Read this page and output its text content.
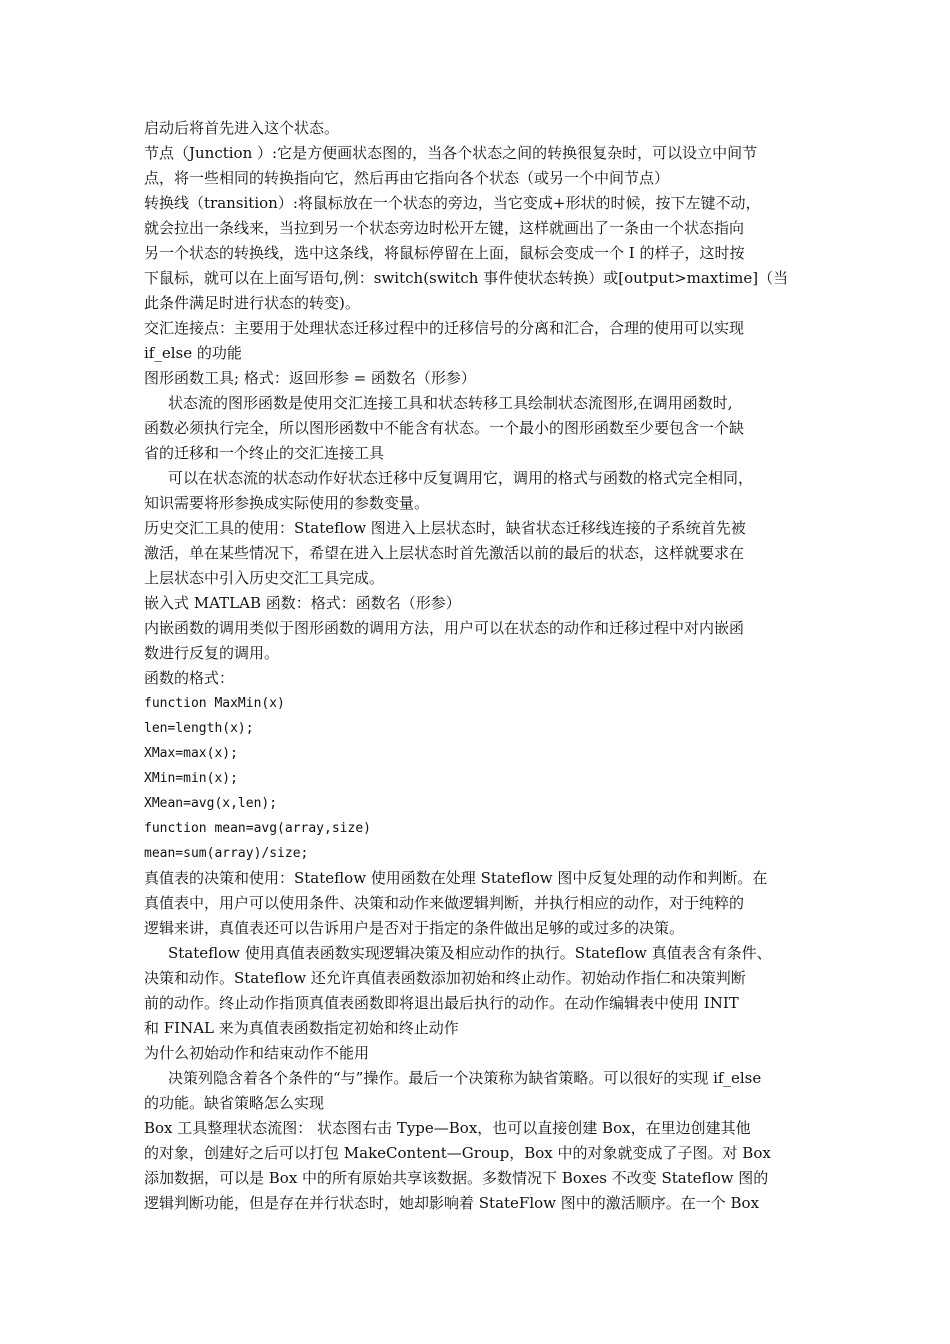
启动后将首先进入这个状态。
节点（Junction ）:它是方便画状态图的，当各个状态之间的转换很复杂时，可以设立中间节
点，将一些相同的转换指向它，然后再由它指向各个状态（或另一个中间节点）
转换线（transition）:将鼠标放在一个状态的旁边，当它变成+形状的时候，按下左键不动，
就会拉出一条线来，当拉到另一个状态旁边时松开左键，这样就画出了一条由一个状态指向
另一个状态的转换线，选中这条线，将鼠标停留在上面，鼠标会变成一个 I 的样子，这时按
下鼠标，就可以在上面写语句,例：switch(switch 事件使状态转换）或[output>maxtime]（当
此条件满足时进行状态的转变)。
交汇连接点：主要用于处理状态迁移过程中的迁移信号的分离和汇合，合理的使用可以实现
if_else 的功能
图形函数工具; 格式：返回形参 = 函数名（形参）
状态流的图形函数是使用交汇连接工具和状态转移工具绘制状态流图形,在调用函数时,
函数必须执行完全，所以图形函数中不能含有状态。一个最小的图形函数至少要包含一个缺
省的迁移和一个终止的交汇连接工具
可以在状态流的状态动作好状态迁移中反复调用它，调用的格式与函数的格式完全相同，
知识需要将形参换成实际使用的参数变量。
历史交汇工具的使用：Stateflow 图进入上层状态时，缺省状态迁移线连接的子系统首先被
激活，单在某些情况下，希望在进入上层状态时首先激活以前的最后的状态，这样就要求在
上层状态中引入历史交汇工具完成。
嵌入式 MATLAB 函数：格式：函数名（形参）
内嵌函数的调用类似于图形函数的调用方法，用户可以在状态的动作和迁移过程中对内嵌函
数进行反复的调用。
函数的格式：
function MaxMin(x)
len=length(x);
XMax=max(x);
XMin=min(x);
XMean=avg(x,len);
function mean=avg(array,size)
mean=sum(array)/size;
真值表的决策和使用：Stateflow 使用函数在处理 Stateflow 图中反复处理的动作和判断。在
真值表中，用户可以使用条件、决策和动作来做逻辑判断，并执行相应的动作，对于纯粹的
逻辑来讲，真值表还可以告诉用户是否对于指定的条件做出足够的或过多的决策。
Stateflow 使用真值表函数实现逻辑决策及相应动作的执行。Stateflow 真值表含有条件、
决策和动作。Stateflow 还允许真值表函数添加初始和终止动作。初始动作指仁和决策判断
前的动作。终止动作指顶真值表函数即将退出最后执行的动作。在动作编辑表中使用 INIT
和 FINAL 来为真值表函数指定初始和终止动作
为什么初始动作和结束动作不能用
决策列隐含着各个条件的“与”操作。最后一个决策称为缺省策略。可以很好的实现 if_else
的功能。缺省策略怎么实现
Box 工具整理状态流图： 状态图右击 Type—Box，也可以直接创建 Box，在里边创建其他
的对象，创建好之后可以打包 MakeContent—Group，Box 中的对象就变成了子图。对 Box
添加数据，可以是 Box 中的所有原始共享该数据。多数情况下 Boxes 不改变 Stateflow 图的
逻辑判断功能，但是存在并行状态时，她却影响着 StateFlow 图中的激活顺序。在一个 Box
